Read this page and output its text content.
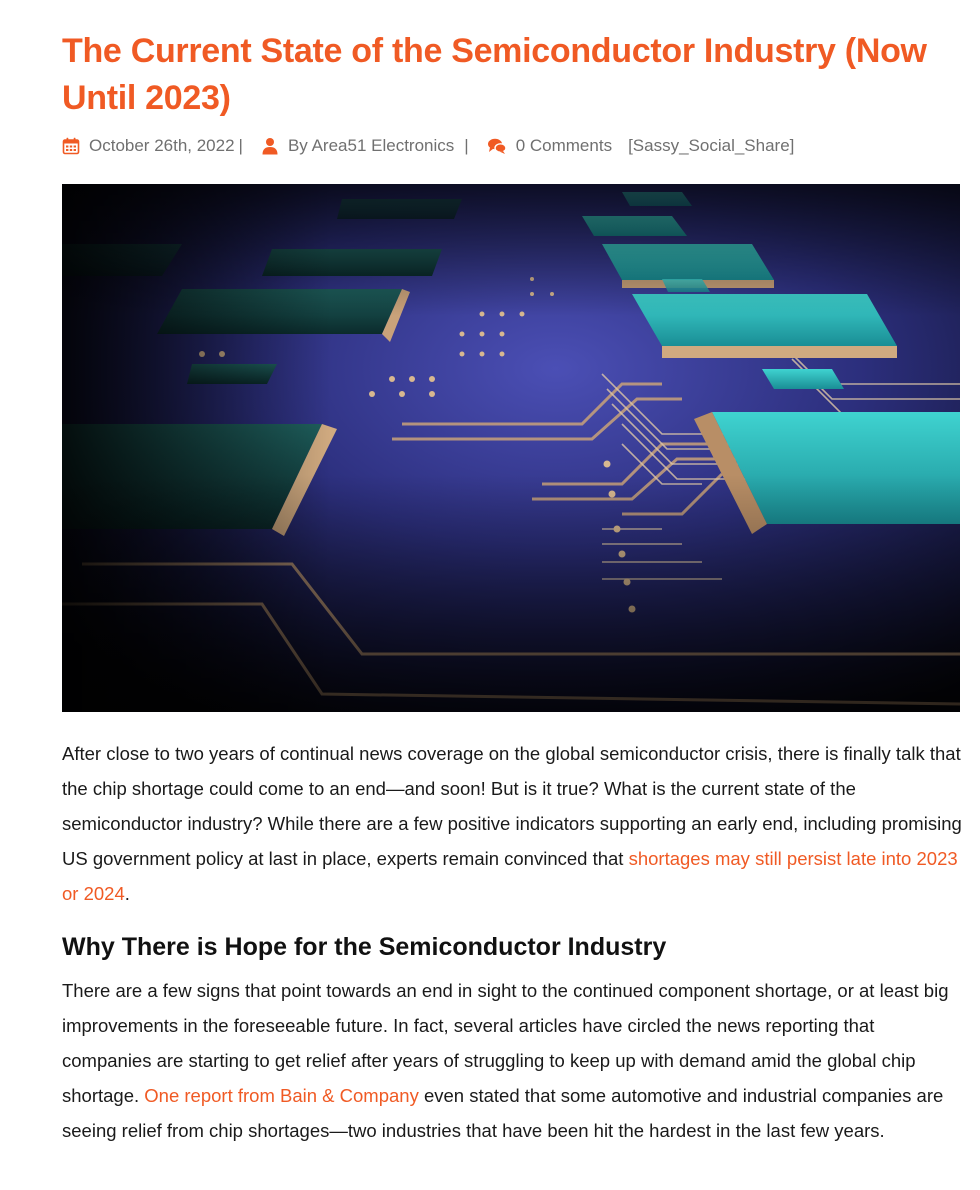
The Current State of the Semiconductor Industry (Now Until 2023)
October 26th, 2022 |	By Area51 Electronics |	0 Comments [Sassy_Social_Share]

After close to two years of continual news coverage on the global semiconductor crisis, there is finally talk that the chip shortage could come to an end—and soon! But is it true? What is the current state of the semiconductor industry? While there are a few positive indicators supporting an early end, including promising US government policy at last in place, experts remain convinced that shortages may still persist late into 2023 or 2024.

Why There is Hope for the Semiconductor Industry

There are a few signs that point towards an end in sight to the continued component shortage, or at least big improvements in the foreseeable future. In fact, several articles have circled the news reporting that companies are starting to get relief after years of struggling to keep up with demand amid the global chip shortage. One report from Bain & Company even stated that some automotive and industrial companies are seeing relief from chip shortages—two industries that have been hit the hardest in the last few years.
